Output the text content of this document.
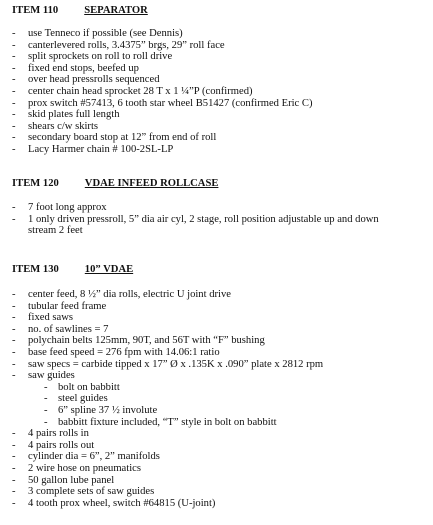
ITEM 110 SEPARATOR
- use Tenneco if possible (see Dennis)
- canterlevered rolls, 3.4375” brgs, 29” roll face
- split sprockets on roll to roll drive
- fixed end stops, beefed up
- over head pressrolls sequenced
- center chain head sprocket 28 T x 1 ¼”P (confirmed)
- prox switch #57413, 6 tooth star wheel B51427 (confirmed Eric C)
- skid plates full length
- shears c/w skirts
- secondary board stop at 12” from end of roll
- Lacy Harmer chain # 100-2SL-LP
ITEM 120 VDAE INFEED ROLLCASE
- 7 foot long approx
- 1 only driven pressroll, 5” dia air cyl, 2 stage, roll position adjustable up and down stream 2 feet
ITEM 130 10” VDAE
- center feed, 8 ½” dia rolls, electric U joint drive
- tubular feed frame
- fixed saws
- no. of sawlines = 7
- polychain belts 125mm, 90T, and 56T with “F” bushing
- base feed speed = 276 fpm with 14.06:1 ratio
- saw specs = carbide tipped x 17” Ø x .135K x .090” plate x 2812 rpm
- saw guides
- bolt on babbitt
- steel guides
- 6” spline 37 ½ involute
- babbitt fixture included, “T” style in bolt on babbitt
- 4 pairs rolls in
- 4 pairs rolls out
- cylinder dia = 6”, 2” manifolds
- 2 wire hose on pneumatics
- 50 gallon lube panel
- 3 complete sets of saw guides
- 4 tooth prox wheel, switch #64815 (U-joint)
